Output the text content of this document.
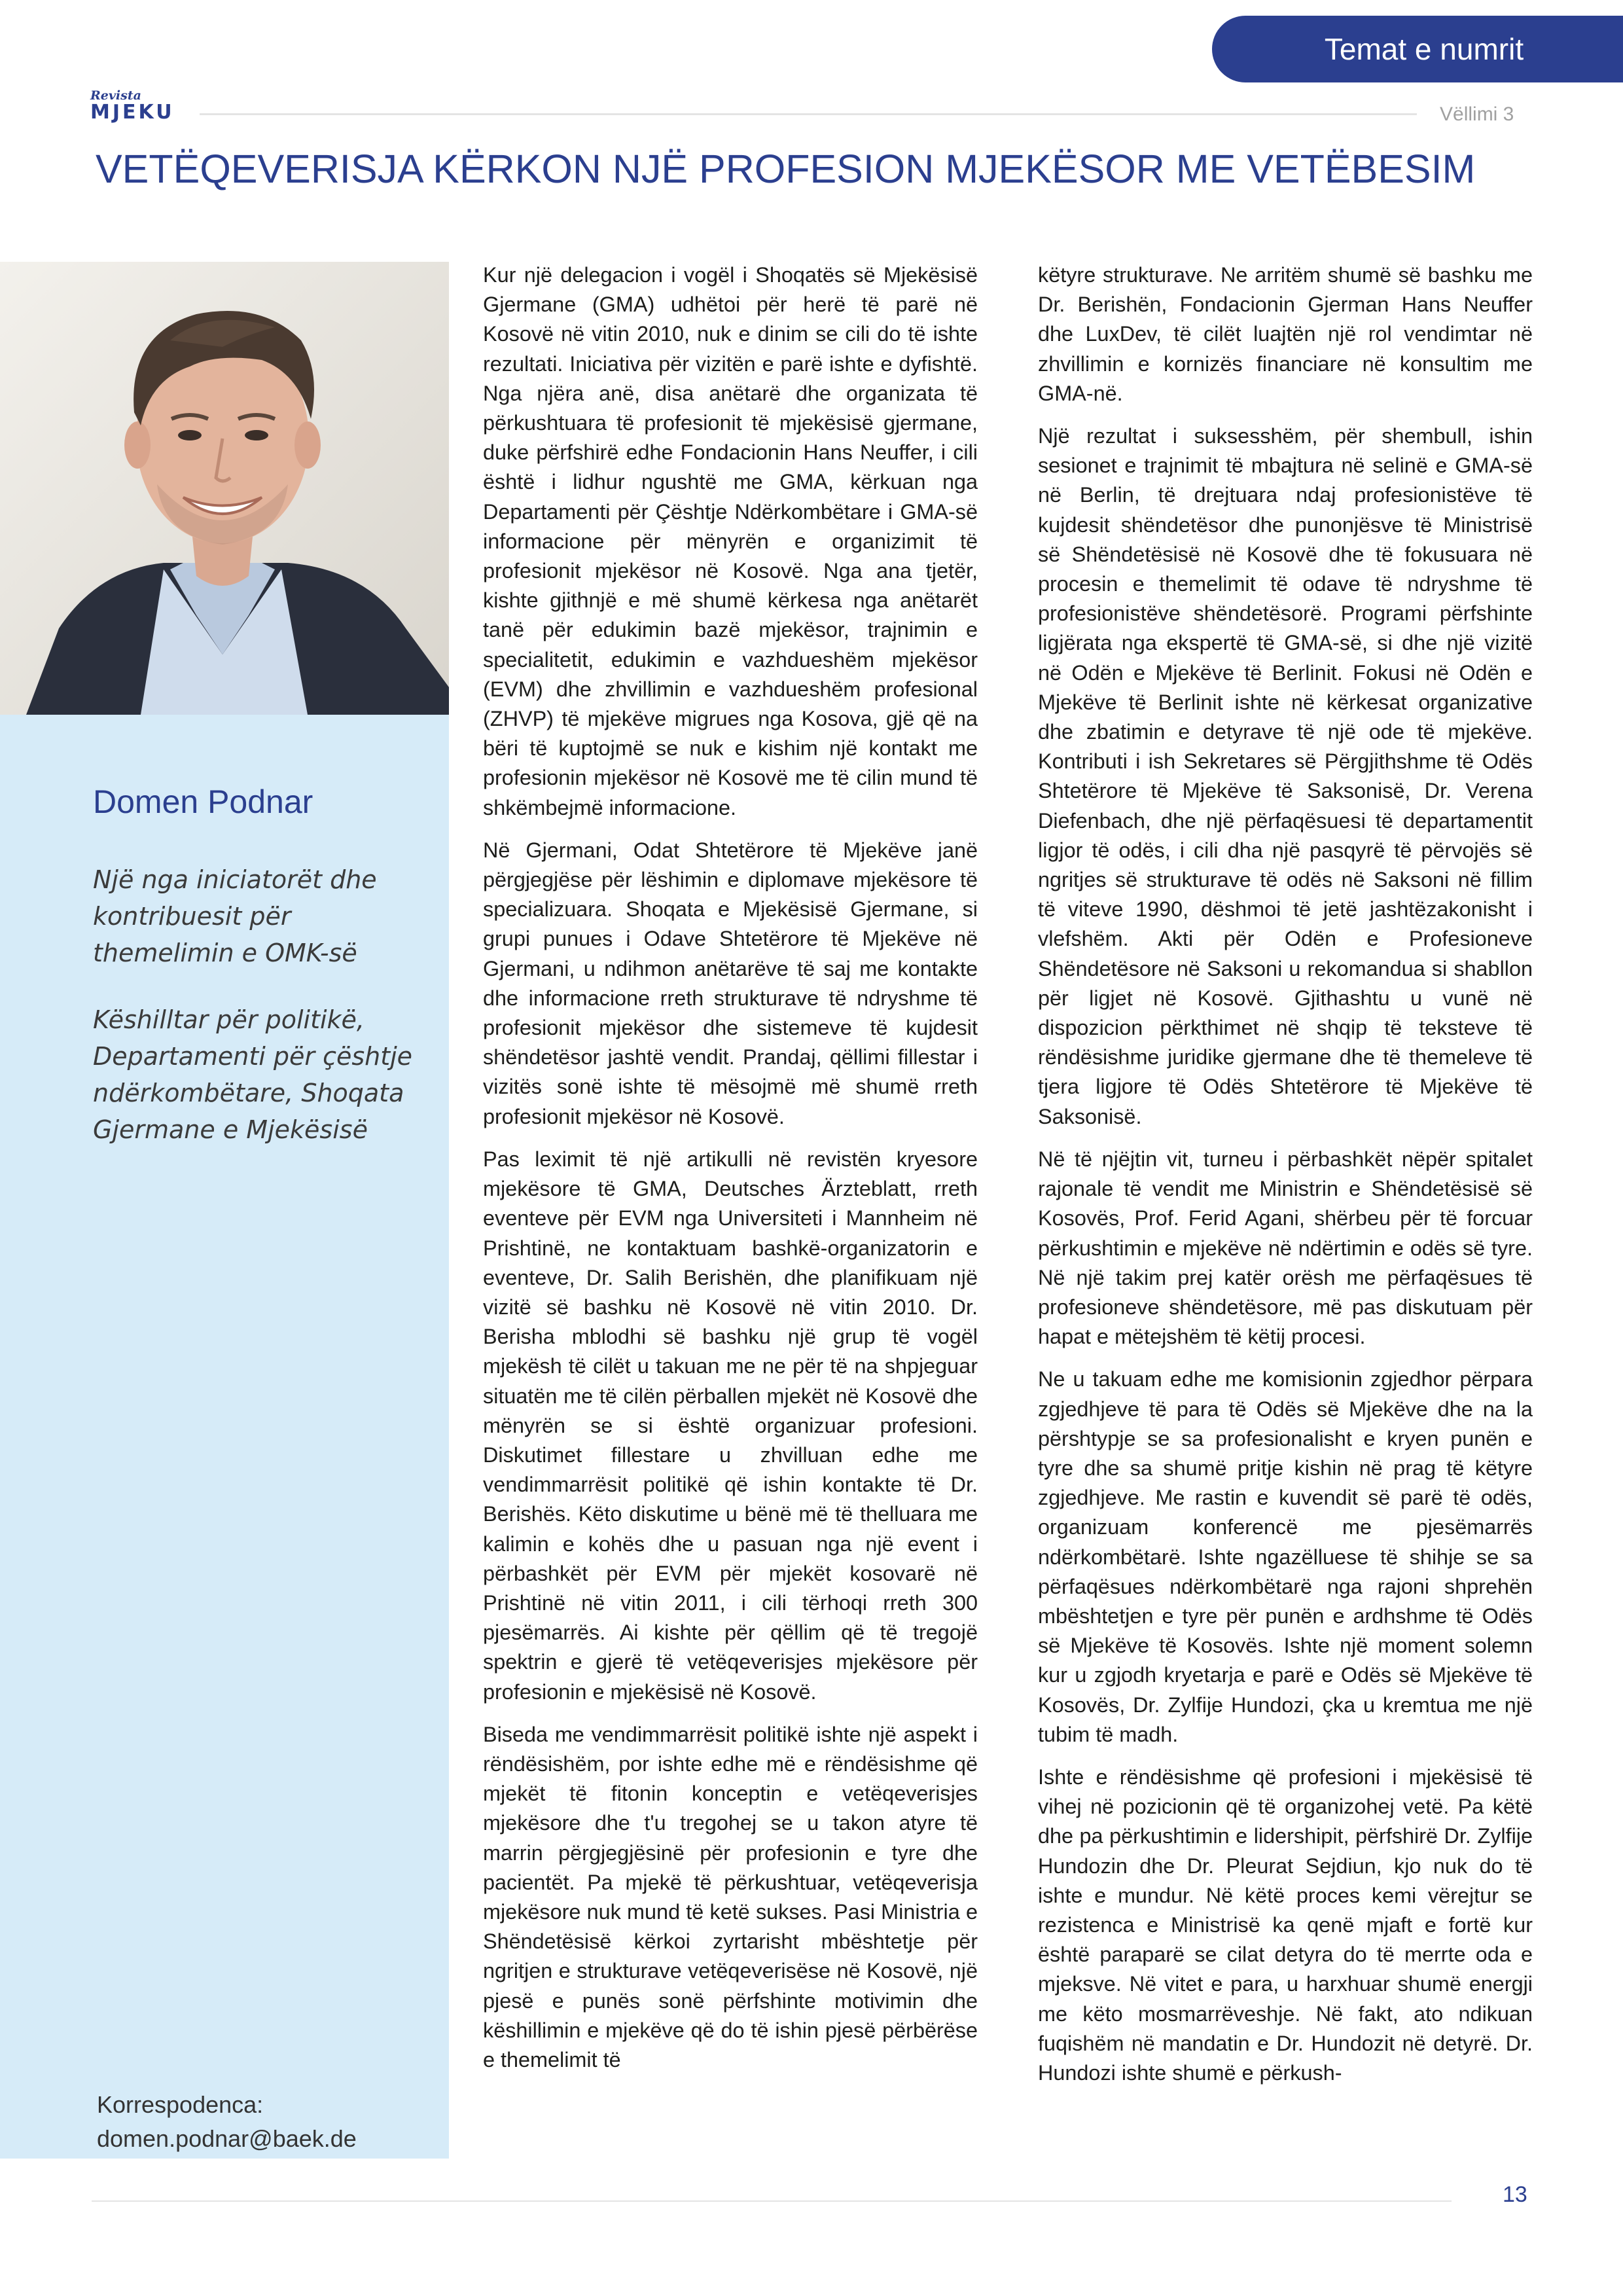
Temat e numrit
Revista
MJEKU	Vëllimi 3
VETËQEVERISJA KËRKON NJË PROFESION MJEKËSOR ME VETËBESIM
Domen Podnar
Një nga iniciatorët dhe kontribuesit për themelimin e OMK-së
Këshilltar për politikë, Departamenti për çështje ndërkombëtare, Shoqata Gjermane e Mjekësisë
Korrespodenca:
domen.podnar@baek.de

Kur një delegacion i vogël i Shoqatës së Mjekësisë Gjermane (GMA) udhëtoi për herë të parë në Kosovë në vitin 2010, nuk e dinim se cili do të ishte rezultati. Iniciativa për vizitën e parë ishte e dyfishtë. Nga njëra anë, disa anëtarë dhe organizata të përkushtuara të profesionit të mjekësisë gjermane, duke përfshirë edhe Fondacionin Hans Neuffer, i cili është i lidhur ngushtë me GMA, kërkuan nga Departamenti për Çështje Ndërkombëtare i GMA-së informacione për mënyrën e organizimit të profesionit mjekësor në Kosovë. Nga ana tjetër, kishte gjithnjë e më shumë kërkesa nga anëtarët tanë për edukimin bazë mjekësor, trajnimin e specialitetit, edukimin e vazhdueshëm mjekësor (EVM) dhe zhvillimin e vazhdueshëm profesional (ZHVP) të mjekëve migrues nga Kosova, gjë që na bëri të kuptojmë se nuk e kishim një kontakt me profesionin mjekësor në Kosovë me të cilin mund të shkëmbejmë informacione.

Në Gjermani, Odat Shtetërore të Mjekëve janë përgjegjëse për lëshimin e diplomave mjekësore të specializuara. Shoqata e Mjekësisë Gjermane, si grupi punues i Odave Shtetërore të Mjekëve në Gjermani, u ndihmon anëtarëve të saj me kontakte dhe informacione rreth strukturave të ndryshme të profesionit mjekësor dhe sistemeve të kujdesit shëndetësor jashtë vendit. Prandaj, qëllimi fillestar i vizitës sonë ishte të mësojmë më shumë rreth profesionit mjekësor në Kosovë.

Pas leximit të një artikulli në revistën kryesore mjekësore të GMA, Deutsches Ärzteblatt, rreth eventeve për EVM nga Universiteti i Mannheim në Prishtinë, ne kontaktuam bashkë-organizatorin e eventeve, Dr. Salih Berishën, dhe planifikuam një vizitë së bashku në Kosovë në vitin 2010. Dr. Berisha mblodhi së bashku një grup të vogël mjekësh të cilët u takuan me ne për të na shpjeguar situatën me të cilën përballen mjekët në Kosovë dhe mënyrën se si është organizuar profesioni. Diskutimet fillestare u zhvilluan edhe me vendimmarrësit politikë që ishin kontakte të Dr. Berishës. Këto diskutime u bënë më të thelluara me kalimin e kohës dhe u pasuan nga një event i përbashkët për EVM për mjekët kosovarë në Prishtinë në vitin 2011, i cili tërhoqi rreth 300 pjesëmarrës. Ai kishte për qëllim që të tregojë spektrin e gjerë të vetëqeverisjes mjekësore për profesionin e mjekësisë në Kosovë.

Biseda me vendimmarrësit politikë ishte një aspekt i rëndësishëm, por ishte edhe më e rëndësishme që mjekët të fitonin konceptin e vetëqeverisjes mjekësore dhe t'u tregohej se u takon atyre të marrin përgjegjësinë për profesionin e tyre dhe pacientët. Pa mjekë të përkushtuar, vetëqeverisja mjekësore nuk mund të ketë sukses. Pasi Ministria e Shëndetësisë kërkoi zyrtarisht mbështetje për ngritjen e strukturave vetëqeverisëse në Kosovë, një pjesë e punës sonë përfshinte motivimin dhe këshillimin e mjekëve që do të ishin pjesë përbërëse e themelimit të

këtyre strukturave. Ne arritëm shumë së bashku me Dr. Berishën, Fondacionin Gjerman Hans Neuffer dhe LuxDev, të cilët luajtën një rol vendimtar në zhvillimin e kornizës financiare në konsultim me GMA-në.

Një rezultat i suksesshëm, për shembull, ishin sesionet e trajnimit të mbajtura në selinë e GMA-së në Berlin, të drejtuara ndaj profesionistëve të kujdesit shëndetësor dhe punonjësve të Ministrisë së Shëndetësisë në Kosovë dhe të fokusuara në procesin e themelimit të odave të ndryshme të profesionistëve shëndetësorë. Programi përfshinte ligjërata nga ekspertë të GMA-së, si dhe një vizitë në Odën e Mjekëve të Berlinit. Fokusi në Odën e Mjekëve të Berlinit ishte në kërkesat organizative dhe zbatimin e detyrave të një ode të mjekëve. Kontributi i ish Sekretares së Përgjithshme të Odës Shtetërore të Mjekëve të Saksonisë, Dr. Verena Diefenbach, dhe një përfaqësuesi të departamentit ligjor të odës, i cili dha një pasqyrë të përvojës së ngritjes së strukturave të odës në Saksoni në fillim të viteve 1990, dëshmoi të jetë jashtëzakonisht i vlefshëm. Akti për Odën e Profesioneve Shëndetësore në Saksoni u rekomandua si shabllon për ligjet në Kosovë. Gjithashtu u vunë në dispozicion përkthimet në shqip të teksteve të rëndësishme juridike gjermane dhe të themeleve të tjera ligjore të Odës Shtetërore të Mjekëve të Saksonisë.

Në të njëjtin vit, turneu i përbashkët nëpër spitalet rajonale të vendit me Ministrin e Shëndetësisë së Kosovës, Prof. Ferid Agani, shërbeu për të forcuar përkushtimin e mjekëve në ndërtimin e odës së tyre. Në një takim prej katër orësh me përfaqësues të profesioneve shëndetësore, më pas diskutuam për hapat e mëtejshëm të këtij procesi.

Ne u takuam edhe me komisionin zgjedhor përpara zgjedhjeve të para të Odës së Mjekëve dhe na la përshtypje se sa profesionalisht e kryen punën e tyre dhe sa shumë pritje kishin në prag të këtyre zgjedhjeve. Me rastin e kuvendit së parë të odës, organizuam konferencë me pjesëmarrës ndërkombëtarë. Ishte ngazëlluese të shihje se sa përfaqësues ndërkombëtarë nga rajoni shprehën mbështetjen e tyre për punën e ardhshme të Odës së Mjekëve të Kosovës. Ishte një moment solemn kur u zgjodh kryetarja e parë e Odës së Mjekëve të Kosovës, Dr. Zylfije Hundozi, çka u kremtua me një tubim të madh.

Ishte e rëndësishme që profesioni i mjekësisë të vihej në pozicionin që të organizohej vetë. Pa këtë dhe pa përkushtimin e lidershipit, përfshirë Dr. Zylfije Hundozin dhe Dr. Pleurat Sejdiun, kjo nuk do të ishte e mundur. Në këtë proces kemi vërejtur se rezistenca e Ministrisë ka qenë mjaft e fortë kur është paraparë se cilat detyra do të merrte oda e mjeksve. Në vitet e para, u harxhuar shumë energji me këto mosmarrëveshje. Në fakt, ato ndikuan fuqishëm në mandatin e Dr. Hundozit në detyrë. Dr. Hundozi ishte shumë e përkush-

13
